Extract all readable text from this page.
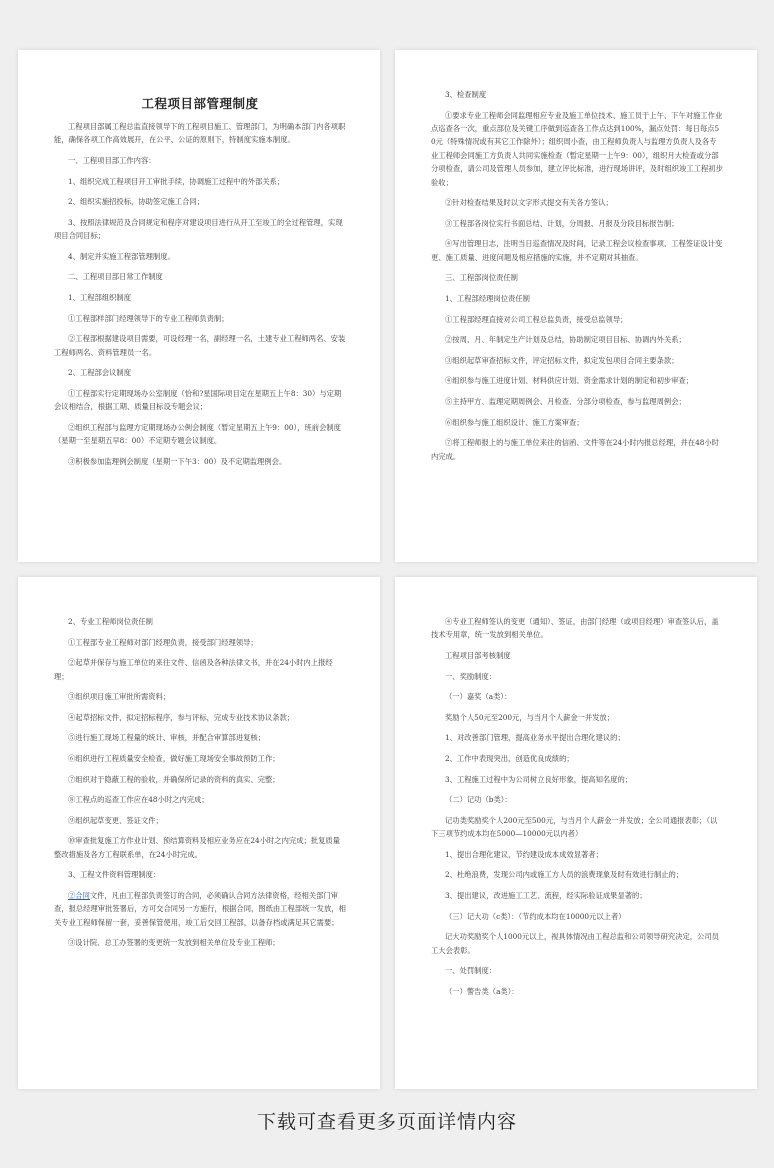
工程项目部管理制度

工程项目部属工程总监直接领导下的工程项目施工、管理部门，为明确本部门内各项职能，确保各项工作高效展开，在公平、公证的原则下，特制度实施本制度。

一、工程项目部工作内容：

1、组织完成工程项目开工审批手续，协调施工过程中的外部关系；

2、组织实施招投标，协助签定施工合同；

3、按照法律规范及合同规定和程序对建设项目进行从开工至竣工的全过程管理，实现项目合同目标；

4、制定并实施工程部管理制度。

二、工程项目部日常工作制度

1、工程部组织制度

①工程部样部门经理领导下的专业工程师负责制；

②工程部根据建设项目需要，可设经理一名，副经理一名，土建专业工程师两名、安装工程师两名、资料管理员一名。

2、工程部会议制度

①工程部实行定期现场办公室制度（恰和?星国际项目定在星期五上午8：30）与定期会议相结合，根据工期、质量目标设专题会议；

②组织工程部与监理方定期现场办公例会制度（暂定星期五上午9：00），班前会制度（星期一至星期五早8：00）不定期专题会议制度。

③积极参加监理例会制度（星期一下午3：00）及不定期监理例会。

3、检查制度

①要求专业工程师会同监理相应专业及施工单位技术、施工员于上午、下午对施工作业点巡查各一次，重点部位及关键工序做到巡查各工作点达到100%，漏点处罚：每日每点50元（特殊情况或有其它工作除外）；组织周小查，由工程师负责人与监理方负责人及各专业工程师会同施工方负责人共同实施检查（暂定星期一上午9：00），组织月大检查或分部分项检查，请公司及管理人员参加，建立评比标准，进行现场讲评，及时组织竣工工程初步验收；

②针对检查结果及时以文字形式提交有关各方签认；

③工程部各岗位实行书面总结、计划，分周报、月报及分段目标报告制；

④写出管理日志，注明当日巡查情况及时间，记录工程会议检查事项、工程签证设计变更、施工质量、进度问题及相应措施的实施，并不定期对其抽查。

三、工程部岗位责任制

1、工程部经理岗位责任制

①工程部经理直接对公司工程总监负责，接受总监领导；

②按周、月、年制定生产计划及总结，协助制定项目目标、协调内外关系；

③组织起草审查招标文件，评定招标文件，拟定发包项目合同主要条款；

④组织参与施工进度计划、材料供应计划、资金需求计划的制定和初步审查；

⑤主持甲方、监理定期周例会、月检查、分部分项检查，参与监理周例会；

⑥组织参与施工组织设计、施工方案审查；

⑦将工程师报上的与施工单位来往的信函、文件等在24小时内报总经理，并在48小时内完成。

2、专业工程师岗位责任制

①工程部专业工程师对部门经理负责，接受部门经理领导；

②起草并保存与施工单位的来往文件、信函及各种法律文书，并在24小时内上报经理；

③组织项目施工审批所需资料；

④起草招标文件，拟定招标程序，参与评标，完成专业技术协议条款；

⑤进行施工现场工程量的统计、审核，并配合审算部进复核；

⑥组织进行工程质量安全检查，做好施工现场安全事故预防工作；

⑦组织对于隐蔽工程的验收，并确保所记录的资料的真实、完整；

⑧工程点的巡查工作应在48小时之内完成；

⑨组织起草变更、签证文件；

⑩审查批复施工方作业计划、预结算资料及相应业务应在24小时之内完成；批复质量整改措施及各方工程联系单，在24小时完成。

3、工程文件资料管理制度：

②合同文件，凡由工程部负责签订的合同，必须确认合同方法律资格，经相关部门审查，报总经理审批签署后，方可交合同另一方施行，根据合同，图纸由工程部统一发放，相关专业工程师保留一套，妥善保管使用，竣工后交回工程部，以备存档或满足其它需要；

③设计院、总工办签署的变更统一发放到相关单位及专业工程师；

④专业工程师签认的变更（通知）、签证，由部门经理（或项目经理）审查签认后，盖技术专用章，统一发放到相关单位。

工程项目部考核制度

一、奖励制度：

（一）嘉奖（a类）：

奖励个人50元至200元，与当月个人薪金一并发放；

1、对改善部门管理，提高业务水平提出合理化建议的；

2、工作中表现突出，创造优良成绩的；

3、工程施工过程中为公司树立良好形象，提高知名度的；

（二）记功（b类）：

记功类奖励奖个人200元至500元，与当月个人薪金一并发放；全公司通报表彰；（以下三项节约成本均在5000—10000元以内者）

1、提出合理化建议，节约建设成本成效显著者；

2、杜绝浪费，发现公司内或施工方人员的浪费现象及时有效进行制止的；

3、提出建议，改进施工工艺、流程，经实际验证成果显著的；

（三）记大功（c类）：（节约成本均在10000元以上者）

记大功奖励奖个人1000元以上，视具体情况由工程总监和公司领导研究决定，公司员工大会表彰。

一、处罚制度：

（一）警告类（a类）：

下载可查看更多页面详情内容
